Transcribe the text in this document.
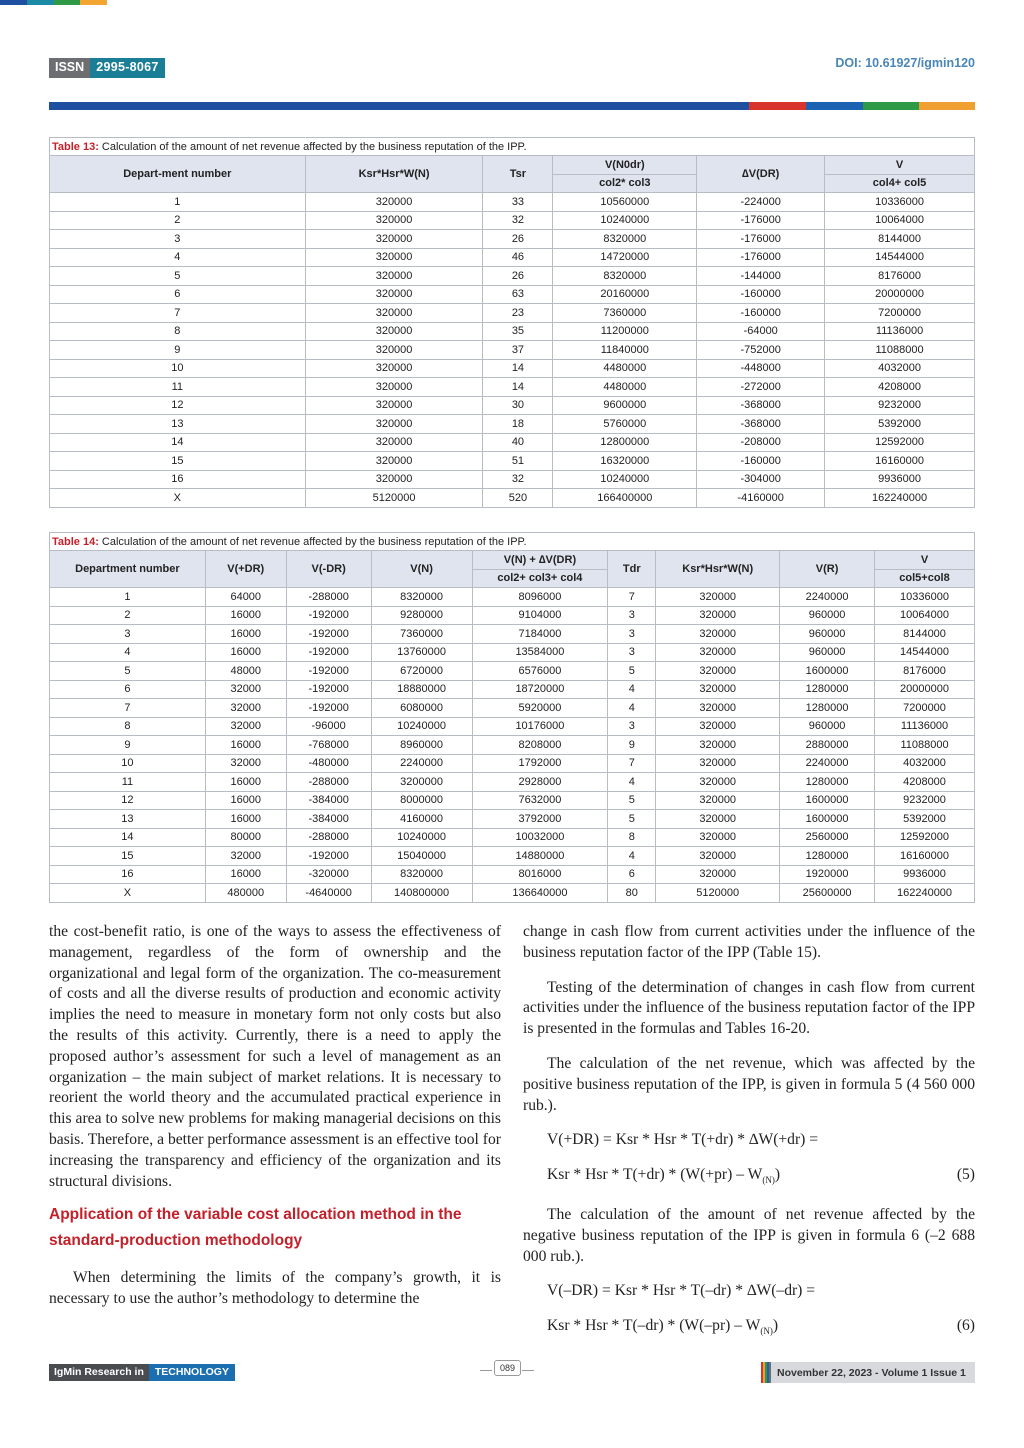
ISSN 2995-8067	DOI: 10.61927/igmin120
Table 13: Calculation of the amount of net revenue affected by the business reputation of the IPP.					
Depart-ment number	Ksr*Hsr*W(N)	Tsr	V(N0dr)	∆V(DR)	V
			col2* col3		col4+ col5
1	320000	33	10560000	-224000	10336000
2	320000	32	10240000	-176000	10064000
3	320000	26	8320000	-176000	8144000
4	320000	46	14720000	-176000	14544000
5	320000	26	8320000	-144000	8176000
6	320000	63	20160000	-160000	20000000
7	320000	23	7360000	-160000	7200000
8	320000	35	11200000	-64000	11136000
9	320000	37	11840000	-752000	11088000
10	320000	14	4480000	-448000	4032000
11	320000	14	4480000	-272000	4208000
12	320000	30	9600000	-368000	9232000
13	320000	18	5760000	-368000	5392000
14	320000	40	12800000	-208000	12592000
15	320000	51	16320000	-160000	16160000
16	320000	32	10240000	-304000	9936000
X	5120000	520	166400000	-4160000	162240000
Table 14: Calculation of the amount of net revenue affected by the business reputation of the IPP.								
Department number	V(+DR)	V(-DR)	V(N)	V(N) + ∆V(DR)	Tdr	Ksr*Hsr*W(N)	V(R)	V
				col2+ col3+ col4				col5+col8
1	64000	-288000	8320000	8096000	7	320000	2240000	10336000
2	16000	-192000	9280000	9104000	3	320000	960000	10064000
3	16000	-192000	7360000	7184000	3	320000	960000	8144000
4	16000	-192000	13760000	13584000	3	320000	960000	14544000
5	48000	-192000	6720000	6576000	5	320000	1600000	8176000
6	32000	-192000	18880000	18720000	4	320000	1280000	20000000
7	32000	-192000	6080000	5920000	4	320000	1280000	7200000
8	32000	-96000	10240000	10176000	3	320000	960000	11136000
9	16000	-768000	8960000	8208000	9	320000	2880000	11088000
10	32000	-480000	2240000	1792000	7	320000	2240000	4032000
11	16000	-288000	3200000	2928000	4	320000	1280000	4208000
12	16000	-384000	8000000	7632000	5	320000	1600000	9232000
13	16000	-384000	4160000	3792000	5	320000	1600000	5392000
14	80000	-288000	10240000	10032000	8	320000	2560000	12592000
15	32000	-192000	15040000	14880000	4	320000	1280000	16160000
16	16000	-320000	8320000	8016000	6	320000	1920000	9936000
X	480000	-4640000	140800000	136640000	80	5120000	25600000	162240000

the cost-benefit ratio, is one of the ways to assess the effectiveness of management, regardless of the form of ownership and the organizational and legal form of the organization. The co-measurement of costs and all the diverse results of production and economic activity implies the need to measure in monetary form not only costs but also the results of this activity. Currently, there is a need to apply the proposed author’s assessment for such a level of management as an organization – the main subject of market relations. It is necessary to reorient the world theory and the accumulated practical experience in this area to solve new problems for making managerial decisions on this basis. Therefore, a better performance assessment is an effective tool for increasing the transparency and efficiency of the organization and its structural divisions.

Application of the variable cost allocation method in the standard-production methodology

When determining the limits of the company’s growth, it is necessary to use the author’s methodology to determine the

change in cash flow from current activities under the influence of the business reputation factor of the IPP (Table 15).

Testing of the determination of changes in cash flow from current activities under the influence of the business reputation factor of the IPP is presented in the formulas and Tables 16-20.

The calculation of the net revenue, which was affected by the positive business reputation of the IPP, is given in formula 5 (4 560 000 rub.).

V(+DR) = Ksr * Hsr * T(+dr) * ∆W(+dr) =
Ksr * Hsr * $T(+dr) * (W(+pr) - W_{(N)})$	(5)

The calculation of the amount of net revenue affected by the negative business reputation of the IPP is given in formula 6 (–2 688 000 rub.).

V(–DR) = Ksr * Hsr * T(–dr) * ∆W(–dr) =
Ksr * Hsr * $T(-dr) * (W(-pr) - W_{(N)})$	(6)
IgMin Research in	TECHNOLOGY	089	November 22, 2023 - Volume 1 Issue 1
